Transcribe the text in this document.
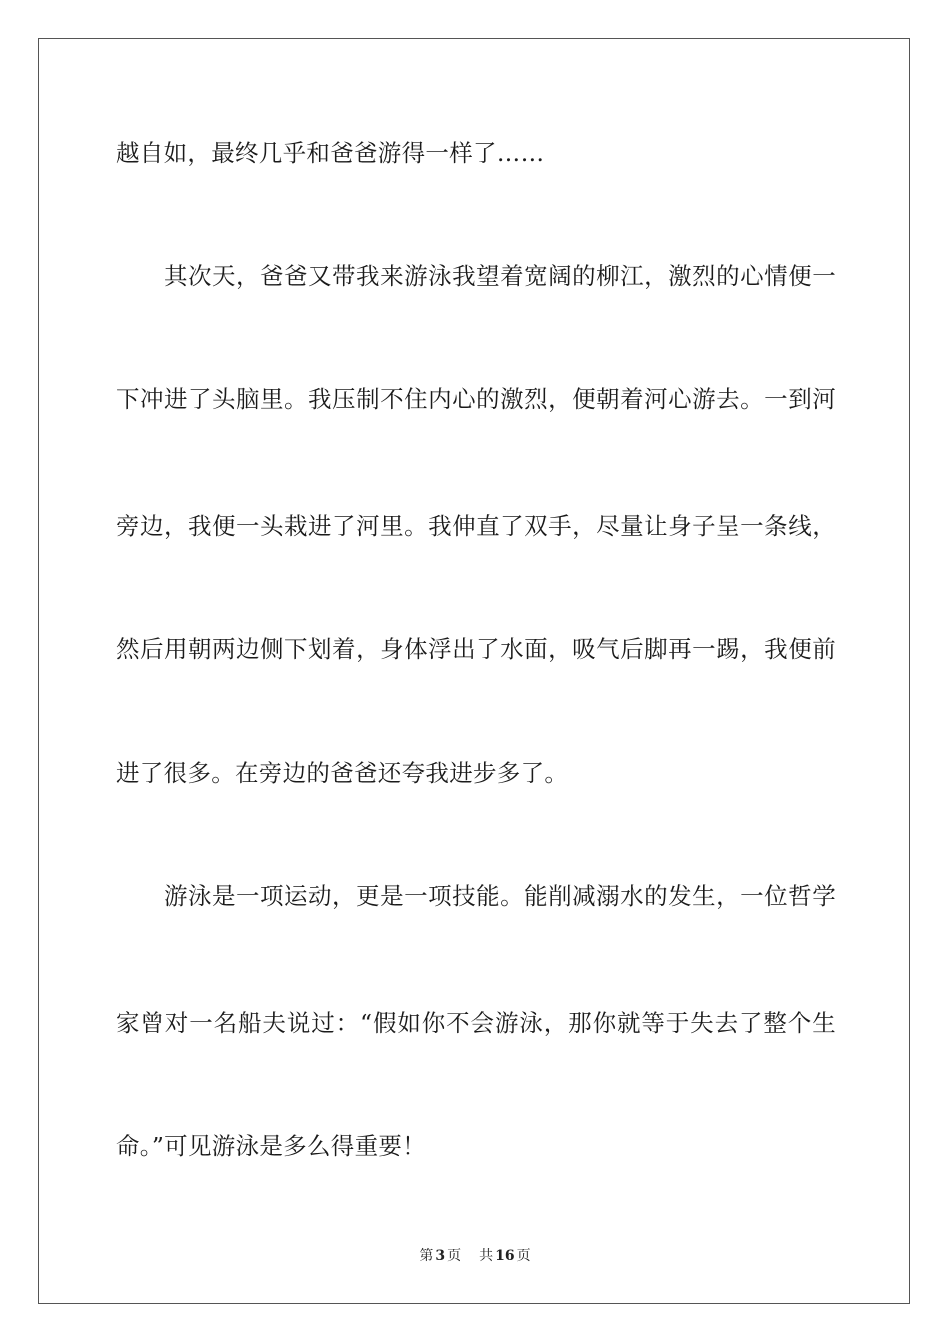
越自如，最终几乎和爸爸游得一样了……
其次天，爸爸又带我来游泳我望着宽阔的柳江，激烈的心情便一
下冲进了头脑里。我压制不住内心的激烈，便朝着河心游去。一到河
旁边，我便一头栽进了河里。我伸直了双手，尽量让身子呈一条线，
然后用朝两边侧下划着，身体浮出了水面，吸气后脚再一踢，我便前
进了很多。在旁边的爸爸还夸我进步多了。
游泳是一项运动，更是一项技能。能削减溺水的发生，一位哲学
家曾对一名船夫说过：“假如你不会游泳，那你就等于失去了整个生
命。”可见游泳是多么得重要！
第 3 页 共 16 页
